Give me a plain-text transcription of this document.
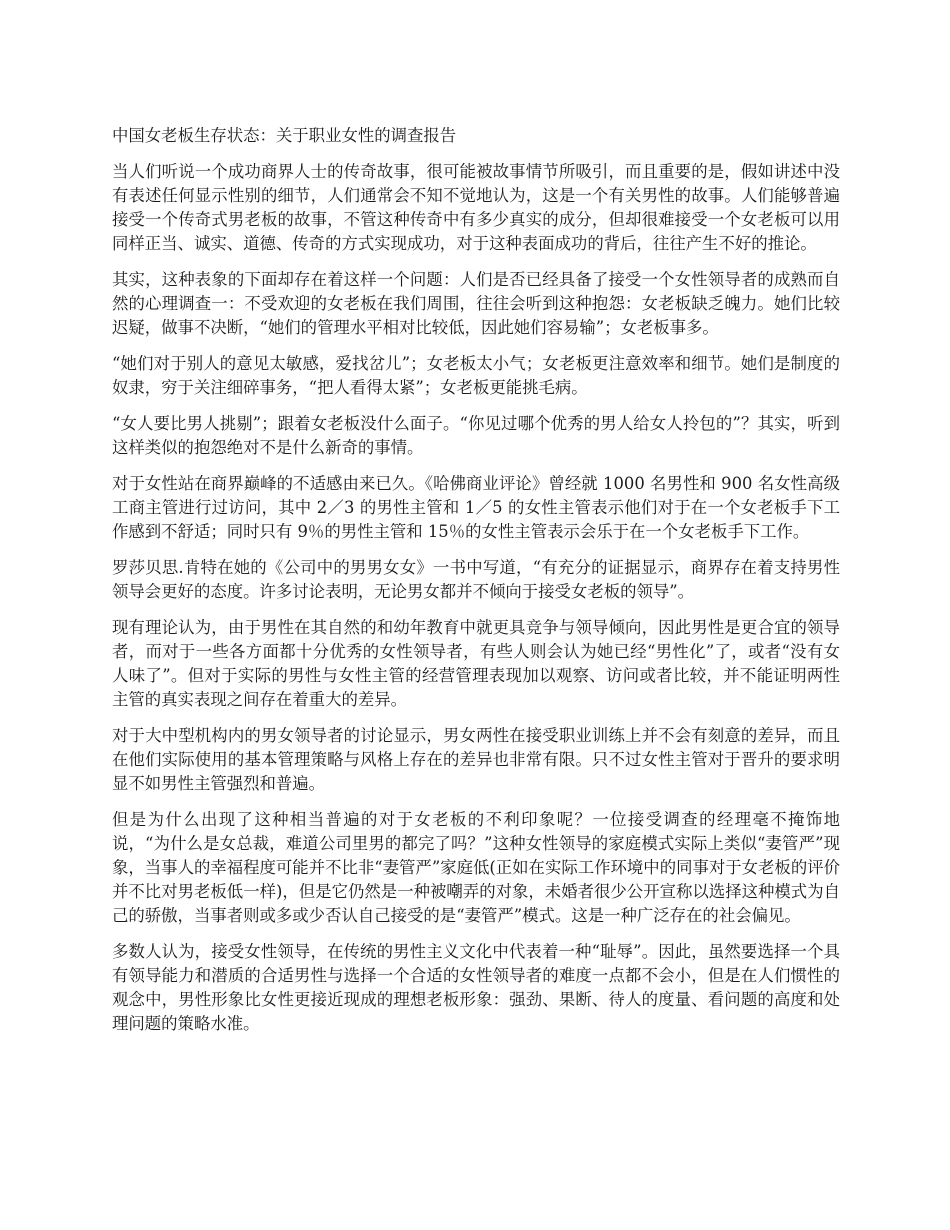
中国女老板生存状态：关于职业女性的调查报告

当人们听说一个成功商界人士的传奇故事，很可能被故事情节所吸引，而且重要的是，假如讲述中没有表述任何显示性别的细节，人们通常会不知不觉地认为，这是一个有关男性的故事。人们能够普遍接受一个传奇式男老板的故事，不管这种传奇中有多少真实的成分，但却很难接受一个女老板可以用同样正当、诚实、道德、传奇的方式实现成功，对于这种表面成功的背后，往往产生不好的推论。

其实，这种表象的下面却存在着这样一个问题：人们是否已经具备了接受一个女性领导者的成熟而自然的心理调查一：不受欢迎的女老板在我们周围，往往会听到这种抱怨：女老板缺乏魄力。她们比较迟疑，做事不决断，“她们的管理水平相对比较低，因此她们容易输”；女老板事多。

“她们对于别人的意见太敏感，爱找岔儿”；女老板太小气；女老板更注意效率和细节。她们是制度的奴隶，穷于关注细碎事务，“把人看得太紧”；女老板更能挑毛病。

“女人要比男人挑剔”；跟着女老板没什么面子。“你见过哪个优秀的男人给女人拎包的”？其实，听到这样类似的抱怨绝对不是什么新奇的事情。

对于女性站在商界巅峰的不适感由来已久。《哈佛商业评论》曾经就 1000 名男性和 900 名女性高级工商主管进行过访问，其中 2／3 的男性主管和 1／5 的女性主管表示他们对于在一个女老板手下工作感到不舒适；同时只有 9％的男性主管和 15％的女性主管表示会乐于在一个女老板手下工作。

罗莎贝思.肯特在她的《公司中的男男女女》一书中写道，“有充分的证据显示，商界存在着支持男性领导会更好的态度。许多讨论表明，无论男女都并不倾向于接受女老板的领导”。

现有理论认为，由于男性在其自然的和幼年教育中就更具竞争与领导倾向，因此男性是更合宜的领导者，而对于一些各方面都十分优秀的女性领导者，有些人则会认为她已经“男性化”了，或者“没有女人味了”。但对于实际的男性与女性主管的经营管理表现加以观察、访问或者比较，并不能证明两性主管的真实表现之间存在着重大的差异。

对于大中型机构内的男女领导者的讨论显示，男女两性在接受职业训练上并不会有刻意的差异，而且在他们实际使用的基本管理策略与风格上存在的差异也非常有限。只不过女性主管对于晋升的要求明显不如男性主管强烈和普遍。

但是为什么出现了这种相当普遍的对于女老板的不利印象呢？一位接受调查的经理毫不掩饰地说，“为什么是女总裁，难道公司里男的都完了吗？”这种女性领导的家庭模式实际上类似“妻管严”现象，当事人的幸福程度可能并不比非“妻管严”家庭低(正如在实际工作环境中的同事对于女老板的评价并不比对男老板低一样)，但是它仍然是一种被嘲弄的对象，未婚者很少公开宣称以选择这种模式为自己的骄傲，当事者则或多或少否认自己接受的是“妻管严”模式。这是一种广泛存在的社会偏见。

多数人认为，接受女性领导，在传统的男性主义文化中代表着一种“耻辱”。因此，虽然要选择一个具有领导能力和潜质的合适男性与选择一个合适的女性领导者的难度一点都不会小，但是在人们惯性的观念中，男性形象比女性更接近现成的理想老板形象：强劲、果断、待人的度量、看问题的高度和处理问题的策略水准。
